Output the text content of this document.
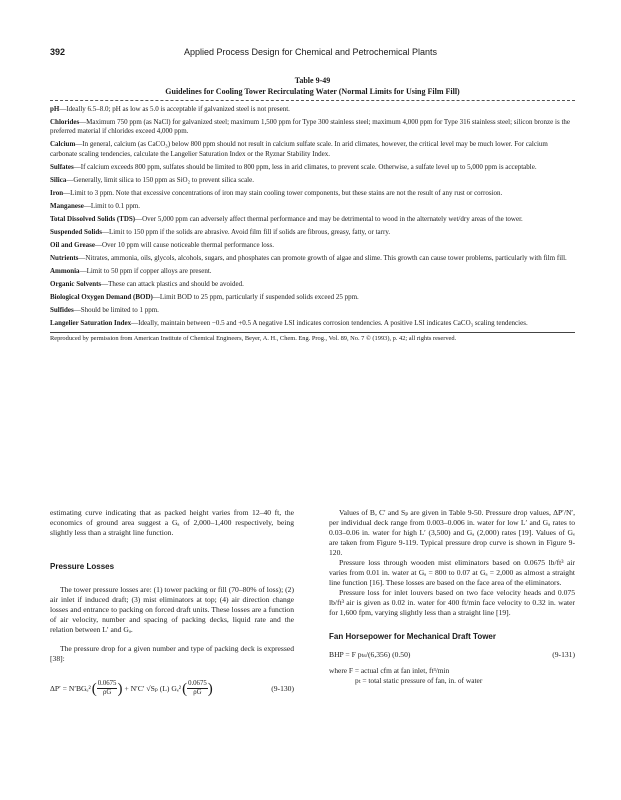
392	Applied Process Design for Chemical and Petrochemical Plants
Table 9-49
Guidelines for Cooling Tower Recirculating Water (Normal Limits for Using Film Fill)

pH—Ideally 6.5–8.0; pH as low as 5.0 is acceptable if galvanized steel is not present.

Chlorides—Maximum 750 ppm (as NaCl) for galvanized steel; maximum 1,500 ppm for Type 300 stainless steel; maximum 4,000 ppm for Type 316 stainless steel; silicon bronze is the preferred material if chlorides exceed 4,000 ppm.

Calcium—In general, calcium (as CaCO₃) below 800 ppm should not result in calcium sulfate scale. In arid climates, however, the critical level may be much lower. For calcium carbonate scaling tendencies, calculate the Langelier Saturation Index or the Ryznar Stability Index.

Sulfates—If calcium exceeds 800 ppm, sulfates should be limited to 800 ppm, less in arid climates, to prevent scale. Otherwise, a sulfate level up to 5,000 ppm is acceptable.

Silica—Generally, limit silica to 150 ppm as SiO₂ to prevent silica scale.

Iron—Limit to 3 ppm. Note that excessive concentrations of iron may stain cooling tower components, but these stains are not the result of any rust or corrosion.

Manganese—Limit to 0.1 ppm.

Total Dissolved Solids (TDS)—Over 5,000 ppm can adversely affect thermal performance and may be detrimental to wood in the alternately wet/dry areas of the tower.

Suspended Solids—Limit to 150 ppm if the solids are abrasive. Avoid film fill if solids are fibrous, greasy, fatty, or tarry.

Oil and Grease—Over 10 ppm will cause noticeable thermal performance loss.

Nutrients—Nitrates, ammonia, oils, glycols, alcohols, sugars, and phosphates can promote growth of algae and slime. This growth can cause tower problems, particularly with film fill.

Ammonia—Limit to 50 ppm if copper alloys are present.

Organic Solvents—These can attack plastics and should be avoided.

Biological Oxygen Demand (BOD)—Limit BOD to 25 ppm, particularly if suspended solids exceed 25 ppm.

Sulfides—Should be limited to 1 ppm.

Langelier Saturation Index—Ideally, maintain between −0.5 and +0.5 A negative LSI indicates corrosion tendencies. A positive LSI indicates CaCO₃ scaling tendencies.

Reproduced by permission from American Institute of Chemical Engineers, Beyer, A. H., Chem. Eng. Prog., Vol. 89, No. 7 © (1993), p. 42; all rights reserved.

estimating curve indicating that as packed height varies from 12–40 ft, the economics of ground area suggest a Gₐ of 2,000–1,400 respectively, being slightly less than a straight line function.

Pressure Losses

The tower pressure losses are: (1) tower packing or fill (70–80% of loss); (2) air inlet if induced draft; (3) mist eliminators at top; (4) air direction change losses and entrance to packing on forced draft units. These losses are a function of air velocity, number and spacing of packing decks, liquid rate and the relation between L′ and Gₐ.

The pressure drop for a given number and type of packing deck is expressed [38]:

ΔP′ = N′BGₑ² ( 0.0675
ρG ) + N′C′ √Sₚ (L) Gₑ² ( 0.0675
ρG )	(9-130)

Values of B, C′ and Sₚ are given in Table 9-50. Pressure drop values, ΔP′/N′, per individual deck range from 0.003–0.006 in. water for low L′ and Gₐ rates to 0.03–0.06 in. water for high L′ (3,500) and Gₐ (2,000) rates [19]. Values of Gₑ are taken from Figure 9-119. Typical pressure drop curve is shown in Figure 9-120.

Pressure loss through wooden mist eliminators based on 0.0675 lb/ft³ air varies from 0.01 in. water at Gₐ = 800 to 0.07 at Gₐ = 2,000 as almost a straight line function [16]. These losses are based on the face area of the eliminators.

Pressure loss for inlet louvers based on two face velocity heads and 0.075 lb/ft³ air is given as 0.02 in. water for 400 ft/min face velocity to 0.32 in. water for 1,600 fpm, varying slightly less than a straight line [19].

Fan Horsepower for Mechanical Draft Tower

BHP = F pₜₛ/(6,356) (0.50)	(9-131)

where F = actual cfm at fan inlet, ft³/min

pₜ = total static pressure of fan, in. of water
